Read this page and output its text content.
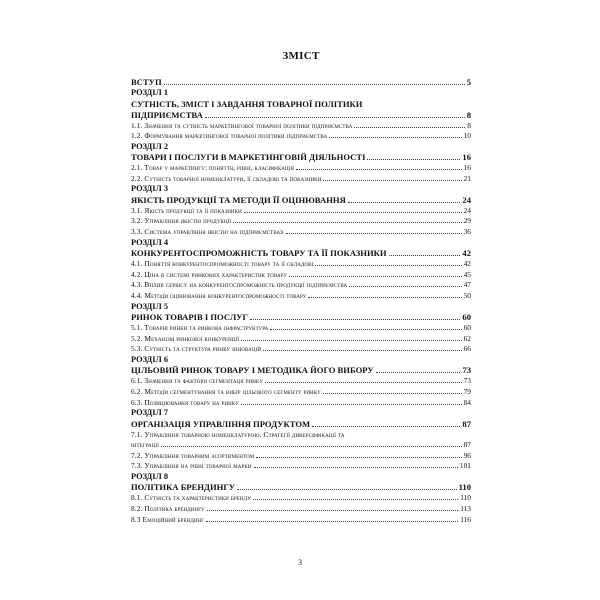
ЗМІСТ
ВСТУП	5
РОЗДІЛ 1
СУТНІСТЬ, ЗМІСТ І ЗАВДАННЯ ТОВАРНОЇ ПОЛІТИКИ
ПІДПРИЄМСТВА	8
1.1. Значення та сутність маркетингової товарної політики підприємства	8
1.2. Формування маркетингової товарної політики підприємства	10
РОЗДІЛ 2
ТОВАРИ І ПОСЛУГИ В МАРКЕТИНГОВІЙ ДІЯЛЬНОСТІ	16
2.1. Товар у маркетингу: поняття, рівні, класифікація	16
2.2. Сутність товарної номенклатури, її складові та показники	21
РОЗДІЛ 3
ЯКІСТЬ ПРОДУКЦІЇ ТА МЕТОДИ ЇЇ ОЦІНЮВАННЯ	24
3.1. Якість продукції та її показники	24
3.2. Управління якістю продукції	29
3.3. Система управління якістю на підприємствах	36
РОЗДІЛ 4
КОНКУРЕНТОСПРОМОЖНІСТЬ ТОВАРУ ТА ЇЇ ПОКАЗНИКИ	42
4.1. Поняття конкурентоспроможності товару та її складові	42
4.2. Ціна в системі ринкових характеристик товару	45
4.3. Вплив сервісу на конкурентоспроможність продукції підприємства	47
4.4. Методи оцінювання конкурентоспроможності товару	50
РОЗДІЛ 5
РИНОК ТОВАРІВ І ПОСЛУГ	60
5.1. Товарні ринки та ринкова інфраструктура	60
5.2. Механізм ринкової конкуренції	62
5.3. Сутність та структура ринку інновацій	66
РОЗДІЛ 6
ЦІЛЬОВИЙ РИНОК ТОВАРУ І МЕТОДИКА ЙОГО ВИБОРУ	73
6.1. Значення та фактори сегментації ринку	73
6.2. Методи сегментування та вибір цільового сегменту ринку	79
6.3. Позиціювання товару на ринку	84
РОЗДІЛ 7
ОРГАНІЗАЦІЯ УПРАВЛІННЯ ПРОДУКТОМ	87
7.1. Управління товарною номенклатурою. Стратегії диверсифікації та
інтеграції	87
7.2. Управління товарним асортиментом	96
7.3. Управління на рівні товарної марки	101
РОЗДІЛ 8
ПОЛІТИКА БРЕНДИНГУ	110
8.1. Сутність та характеристики бренду	110
8.2. Політика брендингу	113
8.3 Емоційний брендинг	116
3
